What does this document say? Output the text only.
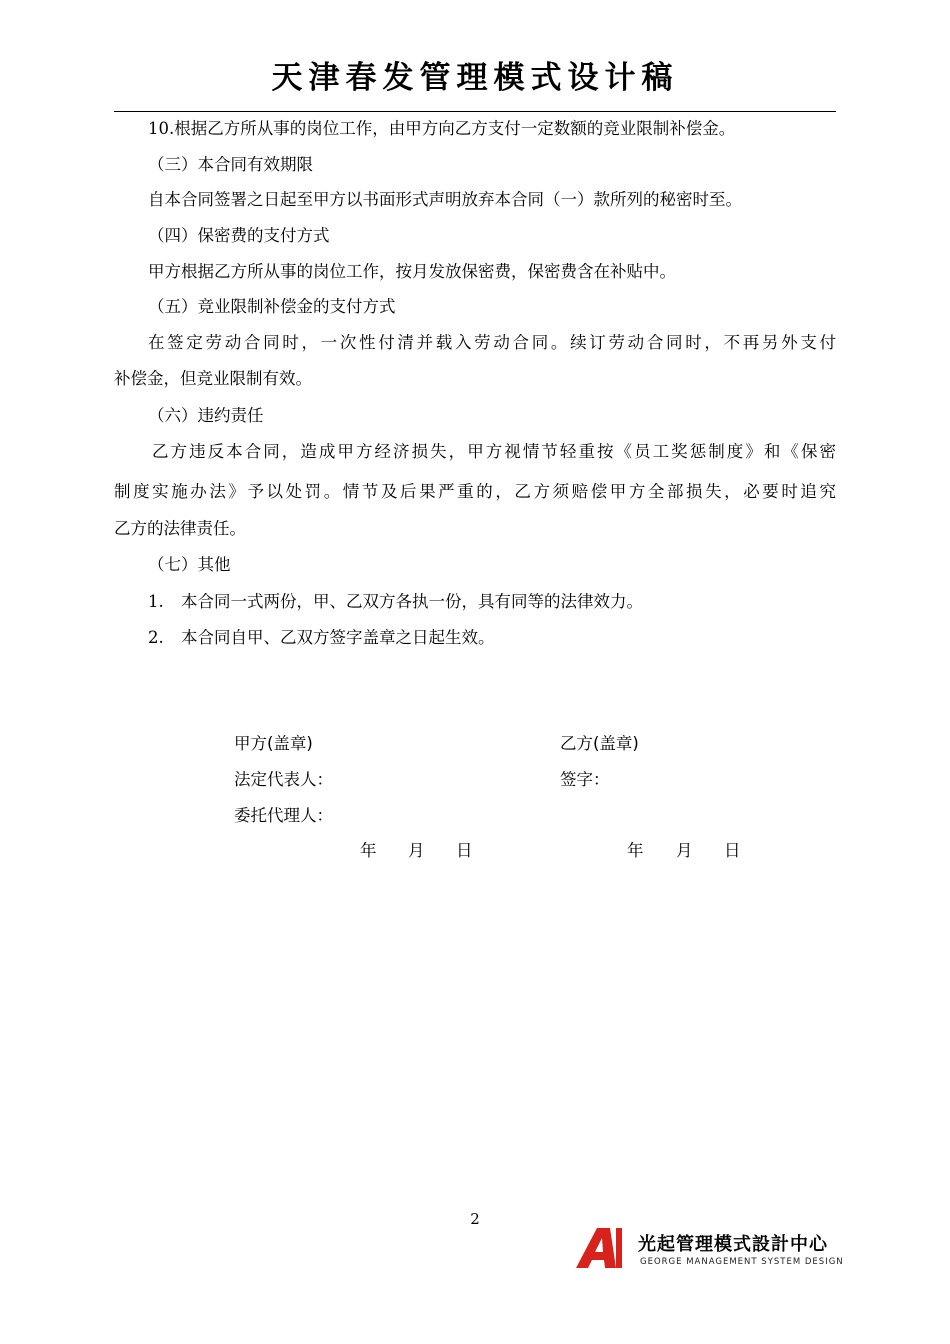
天津春发管理模式设计稿
10.根据乙方所从事的岗位工作，由甲方向乙方支付一定数额的竞业限制补偿金。
（三）本合同有效期限
自本合同签署之日起至甲方以书面形式声明放弃本合同（一）款所列的秘密时至。
（四）保密费的支付方式
甲方根据乙方所从事的岗位工作，按月发放保密费，保密费含在补贴中。
（五）竞业限制补偿金的支付方式
在签定劳动合同时，一次性付清并载入劳动合同。续订劳动合同时，不再另外支付
补偿金，但竞业限制有效。
（六）违约责任
乙方违反本合同，造成甲方经济损失，甲方视情节轻重按《员工奖惩制度》和《保密
制度实施办法》予以处罚。情节及后果严重的，乙方须赔偿甲方全部损失，必要时追究
乙方的法律责任。
（七）其他
1. 本合同一式两份，甲、乙双方各执一份，具有同等的法律效力。
2. 本合同自甲、乙双方签字盖章之日起生效。
甲方(盖章)	乙方(盖章)
法定代表人：	签字：
委托代理人：
年 月 日	年 月 日
2
光起管理模式設計中心
GEORGE MANAGEMENT SYSTEM DESIGN
